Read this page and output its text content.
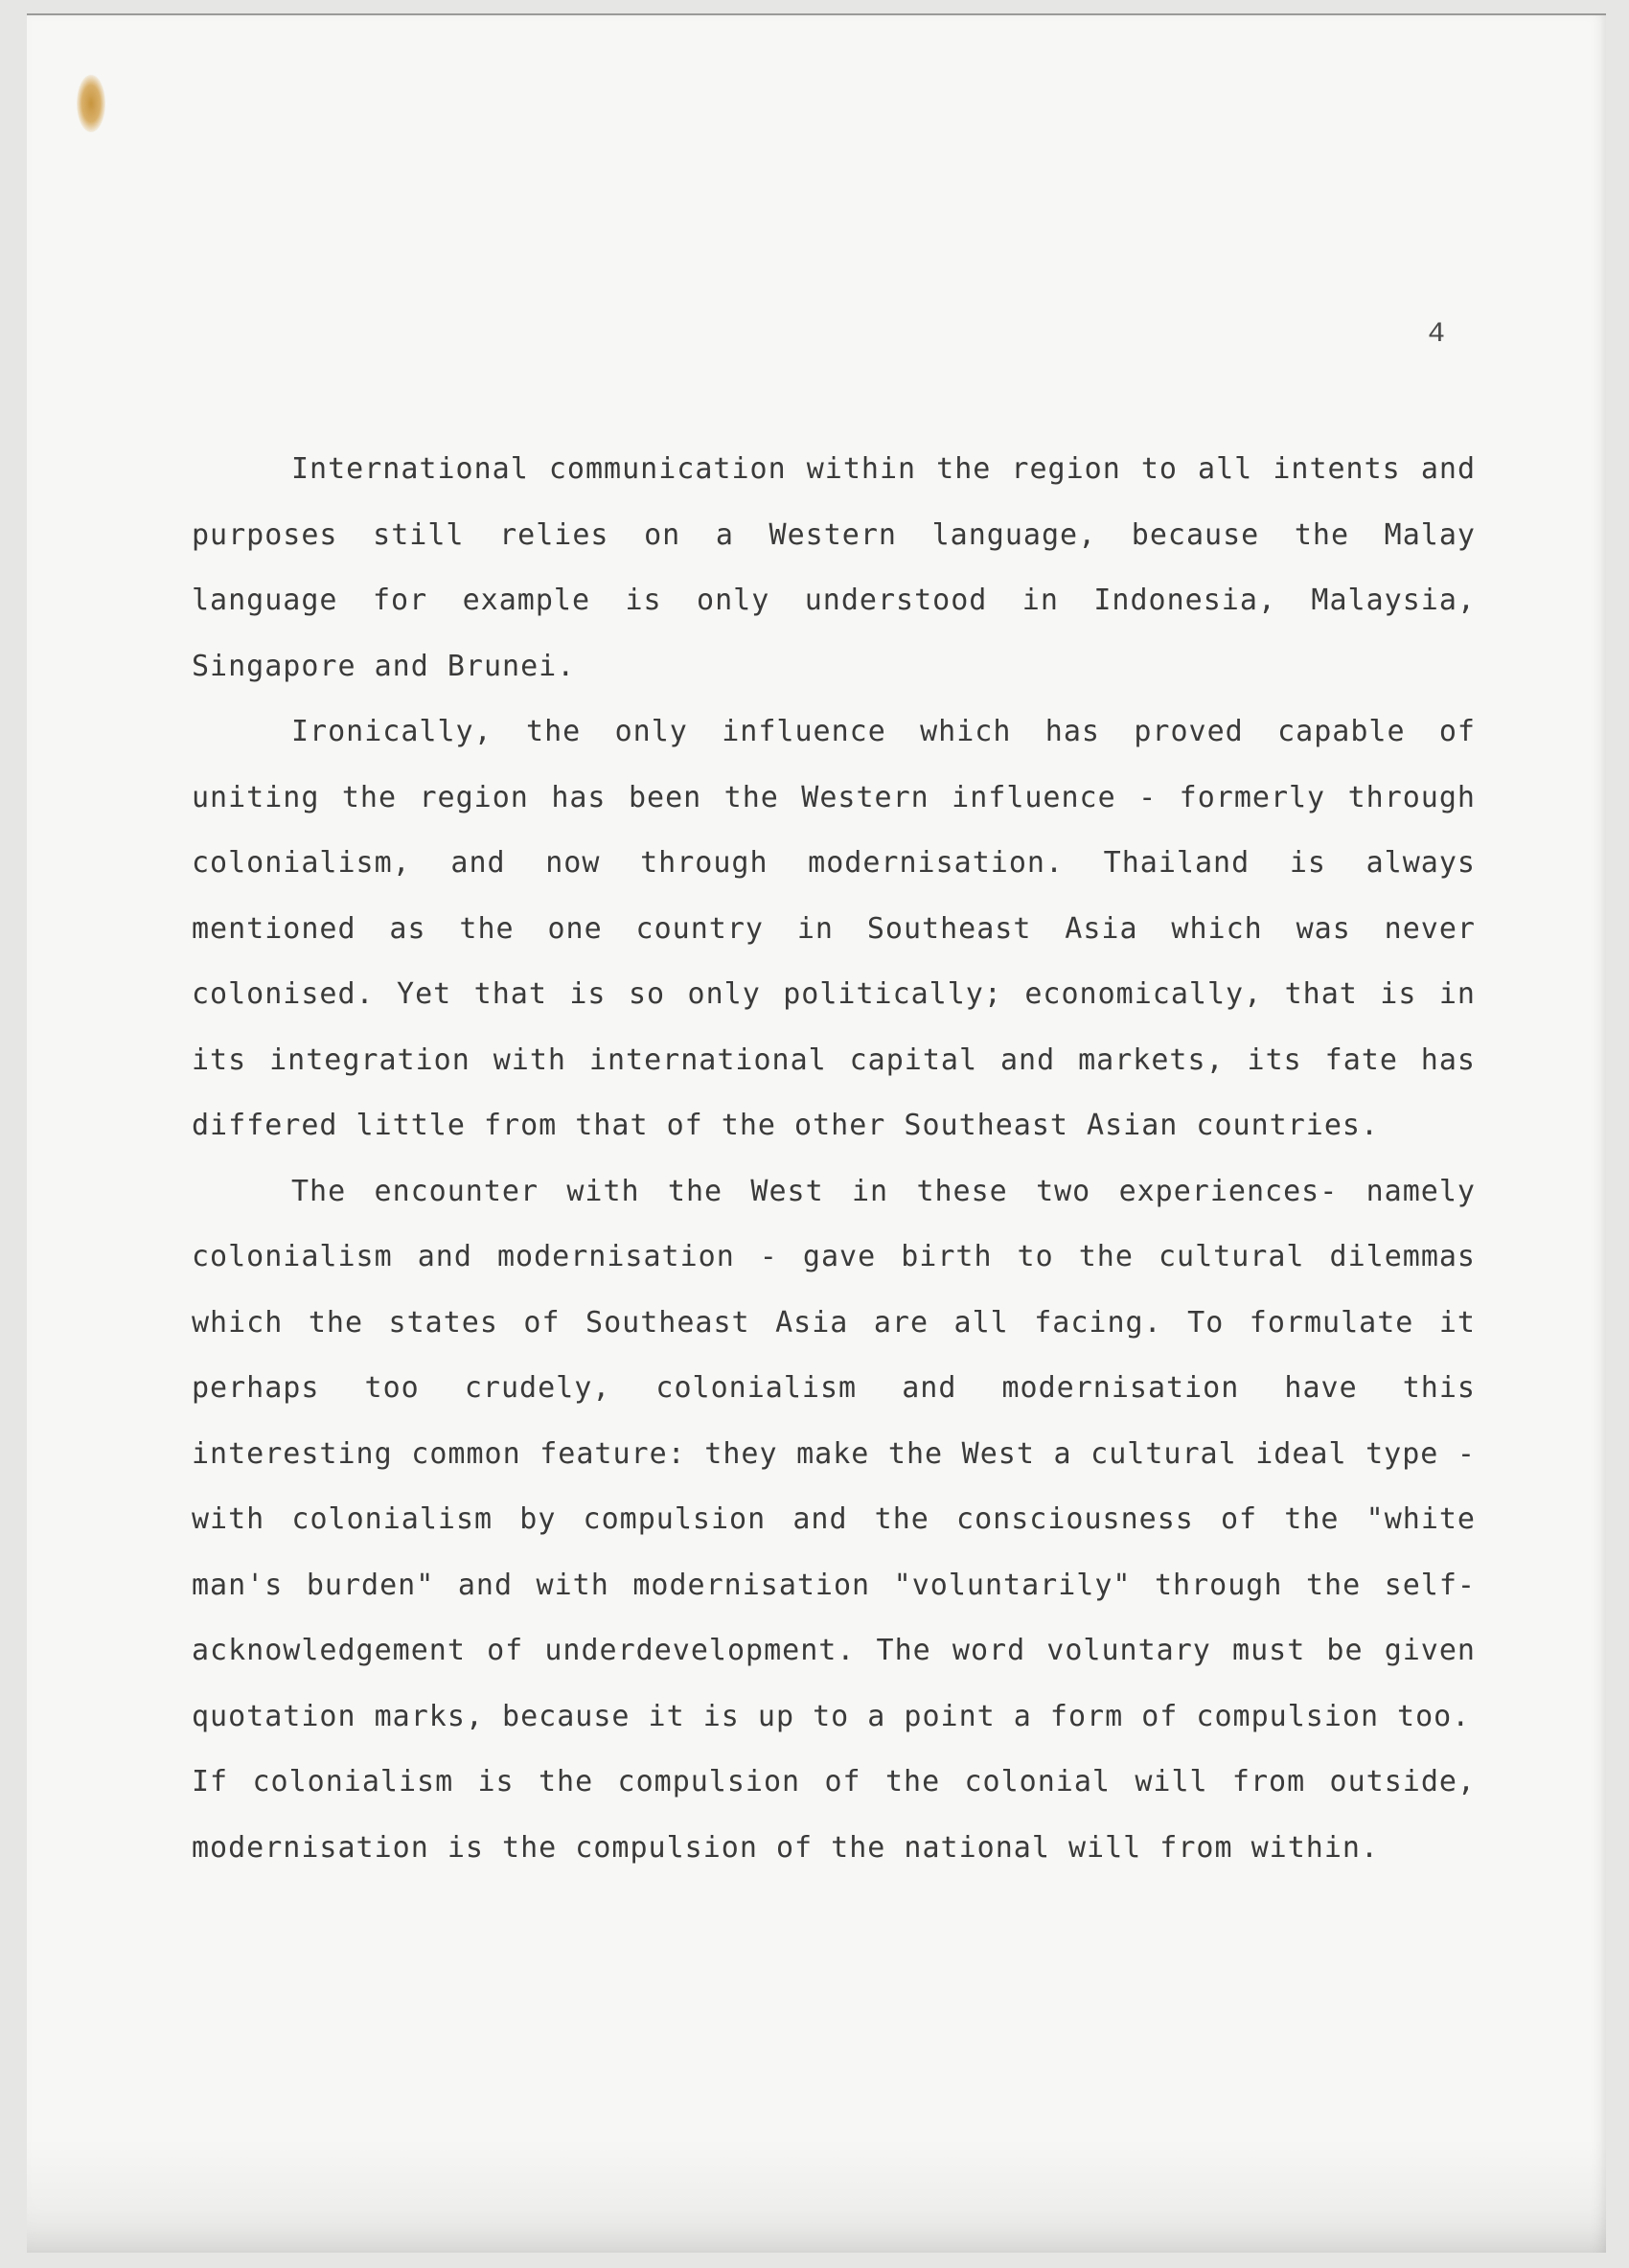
4

International communication within the region to all intents and purposes still relies on a Western language, because the Malay language for example is only understood in Indonesia, Malaysia, Singapore and Brunei.

Ironically, the only influence which has proved capable of uniting the region has been the Western influence - formerly through colonialism, and now through modernisation. Thailand is always mentioned as the one country in Southeast Asia which was never colonised. Yet that is so only politically; economically, that is in its integration with international capital and markets, its fate has differed little from that of the other Southeast Asian countries.

The encounter with the West in these two experiences- namely colonialism and modernisation - gave birth to the cultural dilemmas which the states of Southeast Asia are all facing. To formulate it perhaps too crudely, colonialism and modernisation have this interesting common feature: they make the West a cultural ideal type - with colonialism by compulsion and the consciousness of the "white man's burden" and with modernisation "voluntarily" through the self-acknowledgement of underdevelopment. The word voluntary must be given quotation marks, because it is up to a point a form of compulsion too.

If colonialism is the compulsion of the colonial will from outside, modernisation is the compulsion of the national will from within.
